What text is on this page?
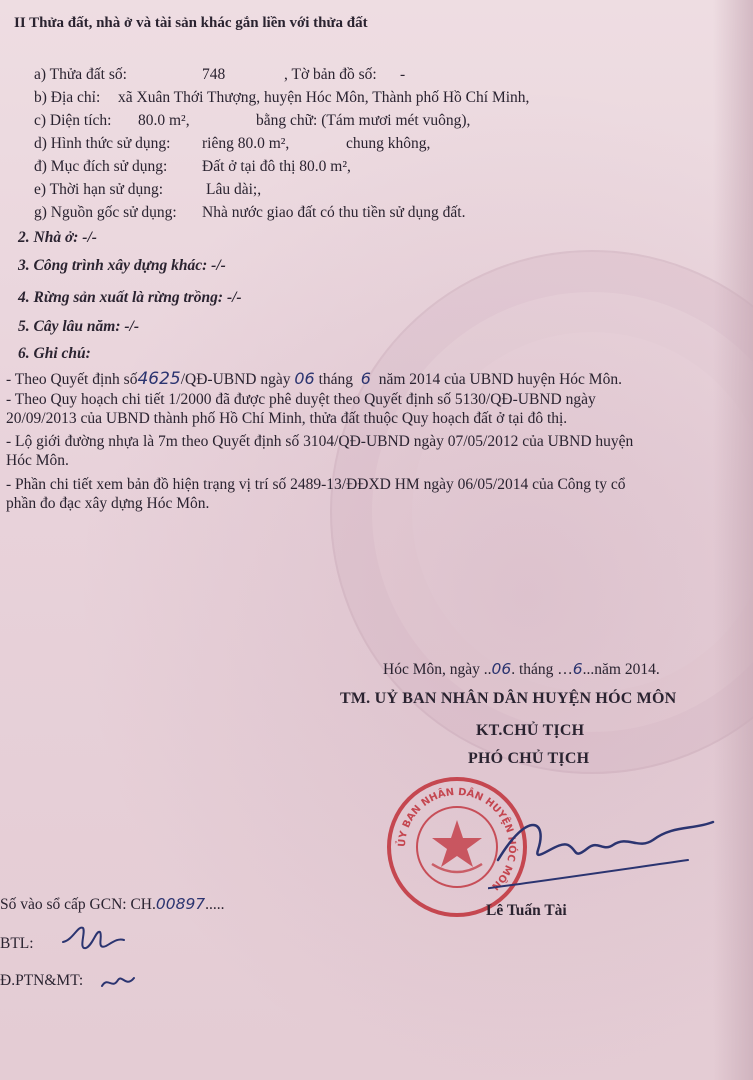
II Thửa đất, nhà ở và tài sản khác gắn liền với thửa đất
a) Thửa đất số:	748	, Tờ bản đồ số: -
b) Địa chỉ: xã Xuân Thới Thượng, huyện Hóc Môn, Thành phố Hồ Chí Minh,
c) Diện tích: 80.0 m²,	bằng chữ: (Tám mươi mét vuông),
d) Hình thức sử dụng: riêng 80.0 m²,	chung không,
đ) Mục đích sử dụng: Đất ở tại đô thị 80.0 m²,
e) Thời hạn sử dụng:	Lâu dài;,
g) Nguồn gốc sử dụng: Nhà nước giao đất có thu tiền sử dụng đất.
2. Nhà ở: -/-
3. Công trình xây dựng khác: -/-
4. Rừng sản xuất là rừng trồng: -/-
5. Cây lâu năm: -/-
6. Ghi chú:
- Theo Quyết định số4625/QĐ-UBND ngày 06 tháng 6 năm 2014 của UBND huyện Hóc Môn.
- Theo Quy hoạch chi tiết 1/2000 đã được phê duyệt theo Quyết định số 5130/QĐ-UBND ngày
20/09/2013 của UBND thành phố Hồ Chí Minh, thửa đất thuộc Quy hoạch đất ở tại đô thị.
- Lộ giới đường nhựa là 7m theo Quyết định số 3104/QĐ-UBND ngày 07/05/2012 của UBND huyện
Hóc Môn.
- Phần chi tiết xem bản đồ hiện trạng vị trí số 2489-13/ĐĐXD HM ngày 06/05/2014 của Công ty cổ
phần đo đạc xây dựng Hóc Môn.
Hóc Môn, ngày ..06. tháng …6...năm 2014.
TM. UỶ BAN NHÂN DÂN HUYỆN HÓC MÔN
KT.CHỦ TỊCH
PHÓ CHỦ TỊCH
ỦY BAN NHÂN DÂN HUYỆN HÓC MÔN
Lê Tuấn Tài
Số vào sổ cấp GCN: CH.00897.....
BTL:
Đ.PTN&MT:
